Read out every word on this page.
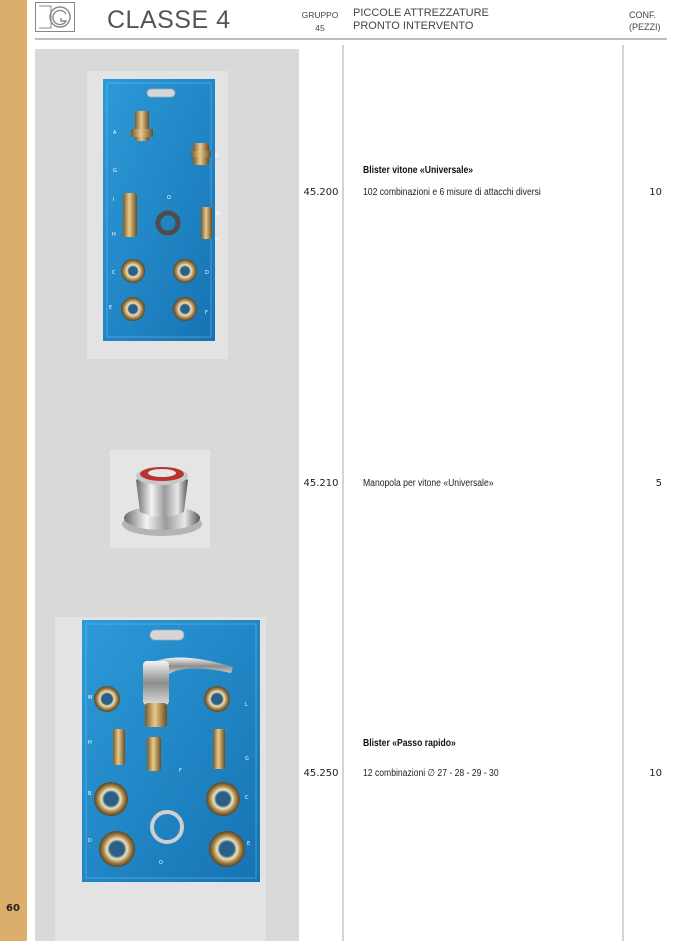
60
CLASSE 4	GRUPPO
45
PICCOLE ATTREZZATURE
PRONTO INTERVENTO
CONF.
(PEZZI)
A
B
G
O
I
N
H
M
C	D
E
F
M
L
H
G
B
C
D	E
O
F
Blister vitone «Universale»
45.200	102 combinazioni e 6 misure di attacchi diversi	10
45.210	Manopola per vitone «Universale»	5
Blister «Passo rapido»
45.250	12 combinazioni ∅ 27 - 28 - 29 - 30	10
